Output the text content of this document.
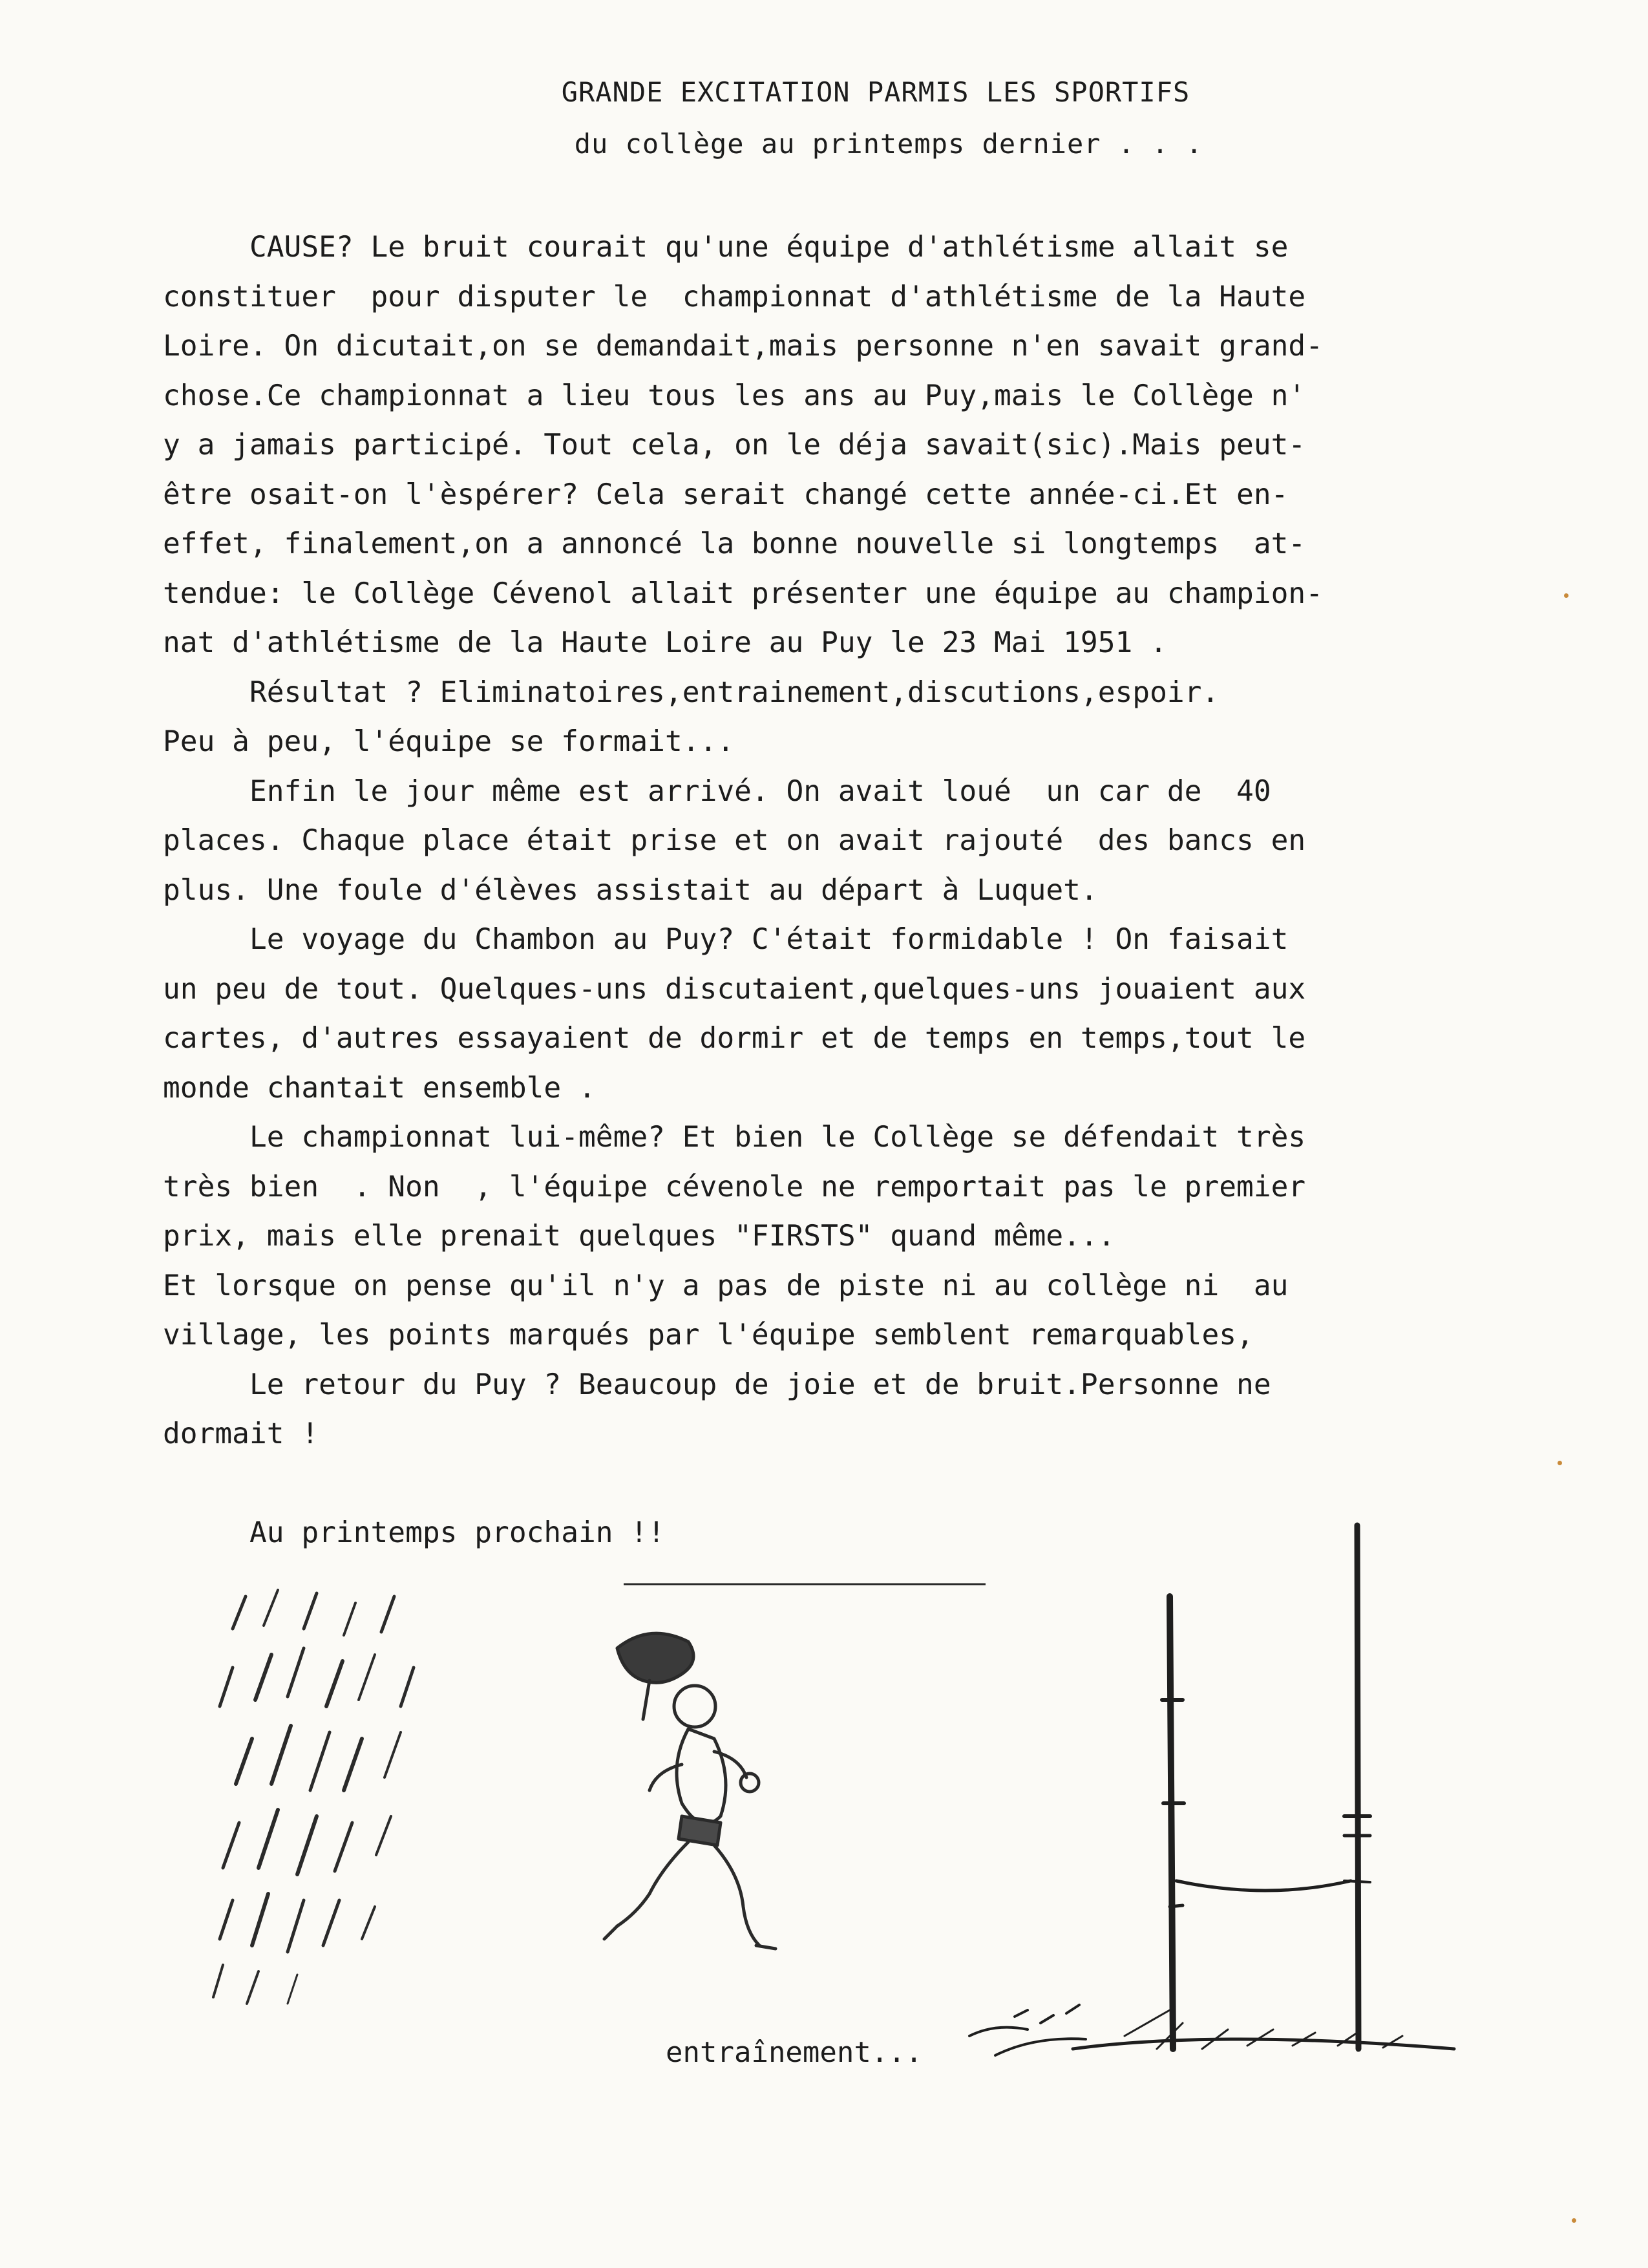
GRANDE EXCITATION PARMIS LES SPORTIFS
du collège au printemps dernier . . .
CAUSE? Le bruit courait qu'une équipe d'athlétisme allait se
constituer  pour disputer le  championnat d'athlétisme de la Haute
Loire. On dicutait,on se demandait,mais personne n'en savait grand-
chose.Ce championnat a lieu tous les ans au Puy,mais le Collège n'
y a jamais participé. Tout cela, on le déja savait(sic).Mais peut-
être osait-on l'èspérer? Cela serait changé cette année-ci.Et en-
effet, finalement,on a annoncé la bonne nouvelle si longtemps  at-
tendue: le Collège Cévenol allait présenter une équipe au champion-
nat d'athlétisme de la Haute Loire au Puy le 23 Mai 1951 .
Résultat ? Eliminatoires,entrainement,discutions,espoir.
Peu à peu, l'équipe se formait...
Enfin le jour même est arrivé. On avait loué  un car de  40
places. Chaque place était prise et on avait rajouté  des bancs en
plus. Une foule d'élèves assistait au départ à Luquet.
Le voyage du Chambon au Puy? C'était formidable ! On faisait
un peu de tout. Quelques-uns discutaient,quelques-uns jouaient aux
cartes, d'autres essayaient de dormir et de temps en temps,tout le
monde chantait ensemble .
Le championnat lui-même? Et bien le Collège se défendait très
très bien  . Non  , l'équipe cévenole ne remportait pas le premier
prix, mais elle prenait quelques "FIRSTS" quand même...
Et lorsque on pense qu'il n'y a pas de piste ni au collège ni  au
village, les points marqués par l'équipe semblent remarquables,
Le retour du Puy ? Beaucoup de joie et de bruit.Personne ne
dormait !
Au printemps prochain !!
entraînement...
